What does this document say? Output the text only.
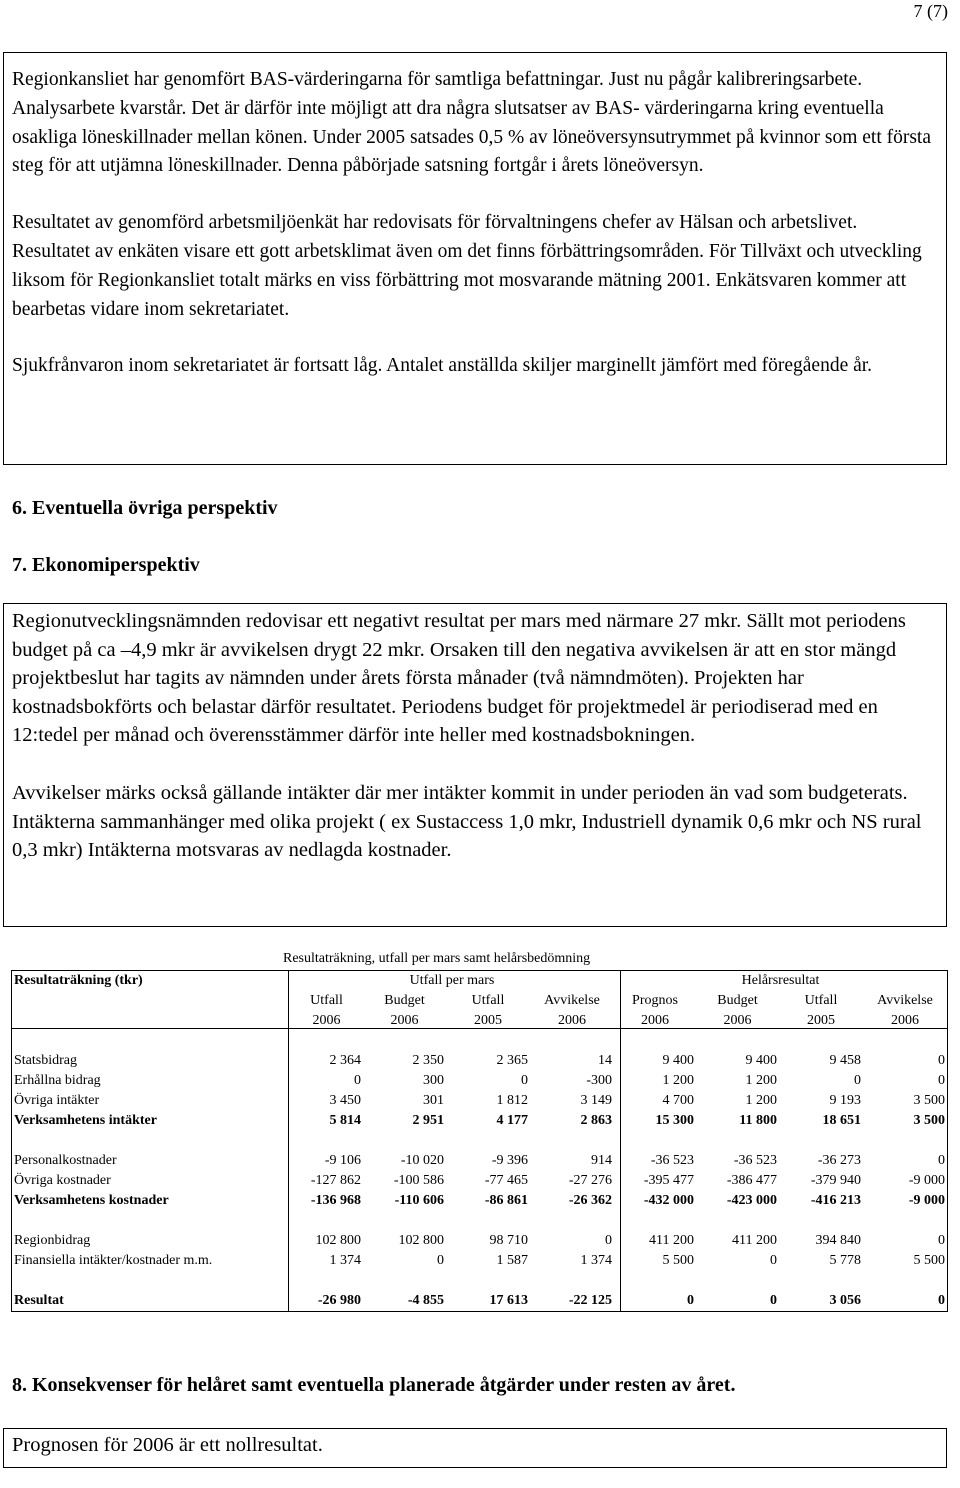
7 (7)

Regionkansliet har genomfört BAS-värderingarna för samtliga befattningar. Just nu pågår kalibreringsarbete. Analysarbete kvarstår. Det är därför inte möjligt att dra några slutsatser av BAS- värderingarna kring eventuella osakliga löneskillnader mellan könen. Under 2005 satsades 0,5 % av löneöversynsutrymmet på kvinnor som ett första steg för att utjämna löneskillnader. Denna påbörjade satsning fortgår i årets löneöversyn.

Resultatet av genomförd arbetsmiljöenkät har redovisats för förvaltningens chefer av Hälsan och arbetslivet. Resultatet av enkäten visare ett gott arbetsklimat även om det finns förbättringsområden. För Tillväxt och utveckling liksom för Regionkansliet totalt märks en viss förbättring mot mosvarande mätning 2001. Enkätsvaren kommer att bearbetas vidare inom sekretariatet.

Sjukfrånvaron inom sekretariatet är fortsatt låg. Antalet anställda skiljer marginellt jämfört med föregående år.

6. Eventuella övriga perspektiv
7. Ekonomiperspektiv

Regionutvecklingsnämnden redovisar ett negativt resultat per mars med närmare 27 mkr. Sällt mot periodens budget på ca –4,9 mkr är avvikelsen drygt 22 mkr. Orsaken till den negativa avvikelsen är att en stor mängd projektbeslut har tagits av nämnden under årets första månader (två nämndmöten). Projekten har kostnadsbokförts och belastar därför resultatet. Periodens budget för projektmedel är periodiserad med en 12:tedel per månad och överensstämmer därför inte heller med kostnadsbokningen.

Avvikelser märks också gällande intäkter där mer intäkter kommit in under perioden än vad som budgeterats. Intäkterna sammanhänger med olika projekt ( ex Sustaccess 1,0 mkr, Industriell dynamik 0,6 mkr och NS rural 0,3 mkr) Intäkterna motsvaras av nedlagda kostnader.

Resultaträkning, utfall per mars samt helårsbedömning
Resultaträkning (tkr)	Utfall per mars				Helårsresultat			
	Utfall	Budget	Utfall	Avvikelse	Prognos	Budget	Utfall	Avvikelse
	2006	2006	2005	2006	2006	2006	2005	2006

Statsbidrag	2 364	2 350	2 365	14	9 400	9 400	9 458	0
Erhållna bidrag	0	300	0	-300	1 200	1 200	0	0
Övriga intäkter	3 450	301	1 812	3 149	4 700	1 200	9 193	3 500
Verksamhetens intäkter	5 814	2 951	4 177	2 863	15 300	11 800	18 651	3 500

Personalkostnader	-9 106	-10 020	-9 396	914	-36 523	-36 523	-36 273	0
Övriga kostnader	-127 862	-100 586	-77 465	-27 276	-395 477	-386 477	-379 940	-9 000
Verksamhetens kostnader	-136 968	-110 606	-86 861	-26 362	-432 000	-423 000	-416 213	-9 000

Regionbidrag	102 800	102 800	98 710	0	411 200	411 200	394 840	0
Finansiella intäkter/kostnader m.m.	1 374	0	1 587	1 374	5 500	0	5 778	5 500

Resultat	-26 980	-4 855	17 613	-22 125	0	0	3 056	0
8. Konsekvenser för helåret samt eventuella planerade åtgärder under resten av året.

Prognosen för 2006 är ett nollresultat.
